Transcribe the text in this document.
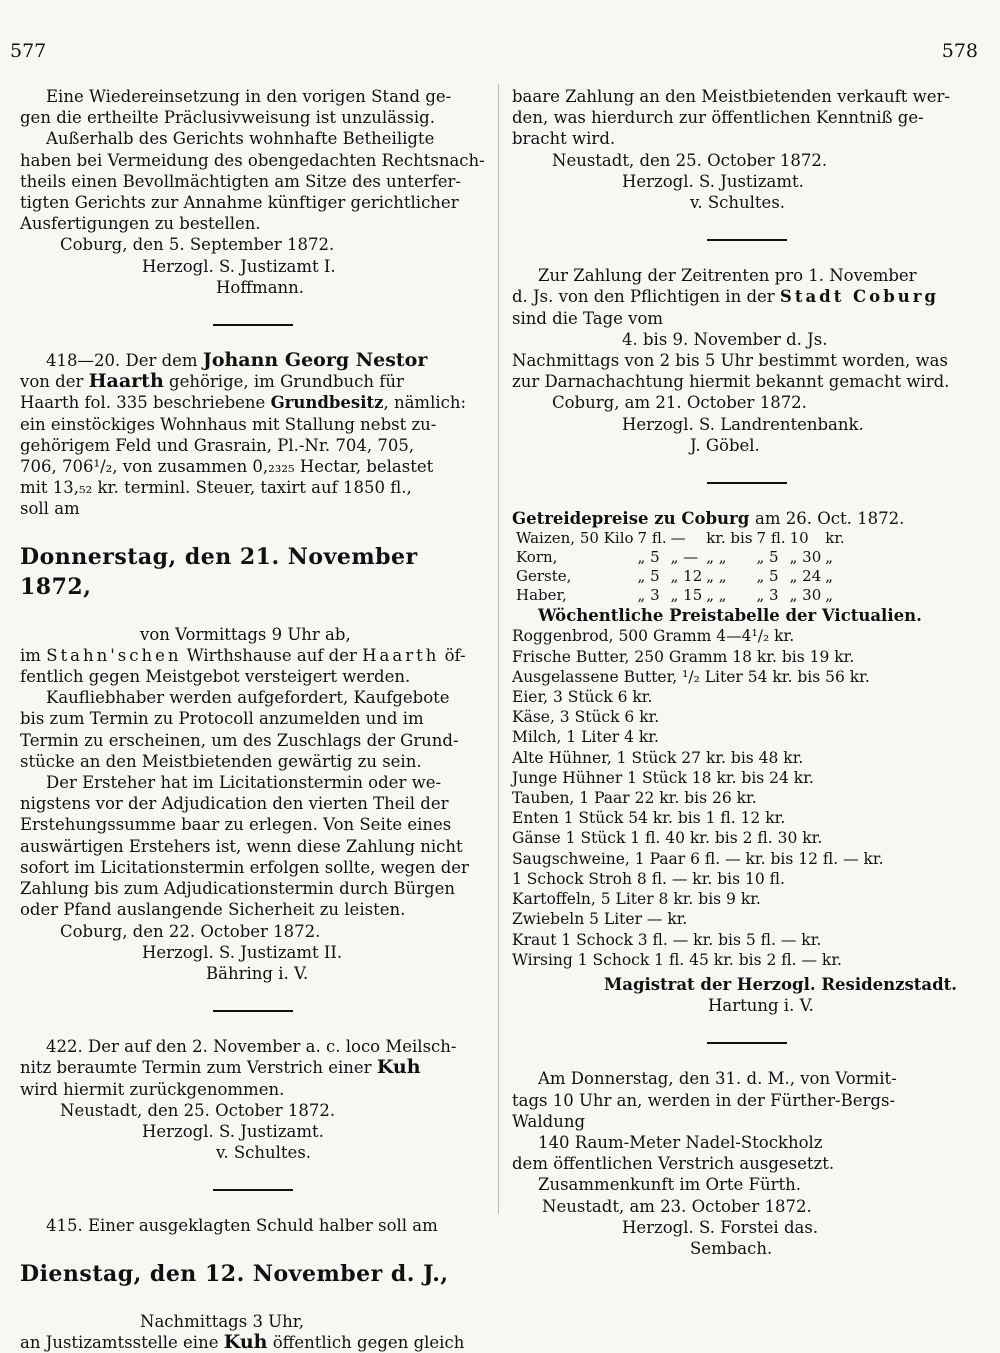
577	578

Eine Wiedereinsetzung in den vorigen Stand ge-

gen die ertheilte Präclusivweisung ist unzulässig.

Außerhalb des Gerichts wohnhafte Betheiligte

haben bei Vermeidung des obengedachten Rechtsnach-

theils einen Bevollmächtigten am Sitze des unterfer-

tigten Gerichts zur Annahme künftiger gerichtlicher

Ausfertigungen zu bestellen.

Coburg, den 5. September 1872.

Herzogl. S. Justizamt I.

Hoffmann.

418—20. Der dem Johann Georg Nestor

von der Haarth gehörige, im Grundbuch für

Haarth fol. 335 beschriebene Grundbesitz, nämlich:

ein einstöckiges Wohnhaus mit Stallung nebst zu-

gehörigem Feld und Grasrain, Pl.-Nr. 704, 705,

706, 706¹/₂, von zusammen 0,₂₃₂₅ Hectar, belastet

mit 13,₅₂ kr. terminl. Steuer, taxirt auf 1850 fl.,

soll am

Donnerstag, den 21. November 1872,

von Vormittags 9 Uhr ab,

im Stahn'schen Wirthshause auf der Haarth öf-

fentlich gegen Meistgebot versteigert werden.

Kaufliebhaber werden aufgefordert, Kaufgebote

bis zum Termin zu Protocoll anzumelden und im

Termin zu erscheinen, um des Zuschlags der Grund-

stücke an den Meistbietenden gewärtig zu sein.

Der Ersteher hat im Licitationstermin oder we-

nigstens vor der Adjudication den vierten Theil der

Erstehungssumme baar zu erlegen. Von Seite eines

auswärtigen Erstehers ist, wenn diese Zahlung nicht

sofort im Licitationstermin erfolgen sollte, wegen der

Zahlung bis zum Adjudicationstermin durch Bürgen

oder Pfand auslangende Sicherheit zu leisten.

Coburg, den 22. October 1872.

Herzogl. S. Justizamt II.

Bähring i. V.

422. Der auf den 2. November a. c. loco Meilsch-

nitz beraumte Termin zum Verstrich einer Kuh

wird hiermit zurückgenommen.

Neustadt, den 25. October 1872.

Herzogl. S. Justizamt.

v. Schultes.

415. Einer ausgeklagten Schuld halber soll am

Dienstag, den 12. November d. J.,

Nachmittags 3 Uhr,

an Justizamtsstelle eine Kuh öffentlich gegen gleich

baare Zahlung an den Meistbietenden verkauft wer-

den, was hierdurch zur öffentlichen Kenntniß ge-

bracht wird.

Neustadt, den 25. October 1872.

Herzogl. S. Justizamt.

v. Schultes.

Zur Zahlung der Zeitrenten pro 1. November

d. Js. von den Pflichtigen in der Stadt Coburg

sind die Tage vom

4. bis 9. November d. Js.

Nachmittags von 2 bis 5 Uhr bestimmt worden, was

zur Darnachachtung hiermit bekannt gemacht wird.

Coburg, am 21. October 1872.

Herzogl. S. Landrentenbank.

J. Göbel.

Getreidepreise zu Coburg am 26. Oct. 1872.

Waizen, 50 Kilo	7 fl.	—	kr. bis	7 fl.	10	kr.
Korn,	„ 5	„ —	„ „	„ 5	„ 30	„
Gerste,	„ 5	„ 12	„ „	„ 5	„ 24	„
Haber,	„ 3	„ 15	„ „	„ 3	„ 30	„

Wöchentliche Preistabelle der Victualien.

Roggenbrod, 500 Gramm 4—4¹/₂ kr.

Frische Butter, 250 Gramm 18 kr. bis 19 kr.

Ausgelassene Butter, ¹/₂ Liter 54 kr. bis 56 kr.

Eier, 3 Stück 6 kr.

Käse, 3 Stück 6 kr.

Milch, 1 Liter 4 kr.

Alte Hühner, 1 Stück 27 kr. bis 48 kr.

Junge Hühner 1 Stück 18 kr. bis 24 kr.

Tauben, 1 Paar 22 kr. bis 26 kr.

Enten 1 Stück 54 kr. bis 1 fl. 12 kr.

Gänse 1 Stück 1 fl. 40 kr. bis 2 fl. 30 kr.

Saugschweine, 1 Paar 6 fl. — kr. bis 12 fl. — kr.

1 Schock Stroh 8 fl. — kr. bis 10 fl.

Kartoffeln, 5 Liter 8 kr. bis 9 kr.

Zwiebeln 5 Liter — kr.

Kraut 1 Schock 3 fl. — kr. bis 5 fl. — kr.

Wirsing 1 Schock 1 fl. 45 kr. bis 2 fl. — kr.

Magistrat der Herzogl. Residenzstadt.

Hartung i. V.

Am Donnerstag, den 31. d. M., von Vormit-

tags 10 Uhr an, werden in der Fürther-Bergs-

Waldung

140 Raum-Meter Nadel-Stockholz

dem öffentlichen Verstrich ausgesetzt.

Zusammenkunft im Orte Fürth.

Neustadt, am 23. October 1872.

Herzogl. S. Forstei das.

Sembach.
